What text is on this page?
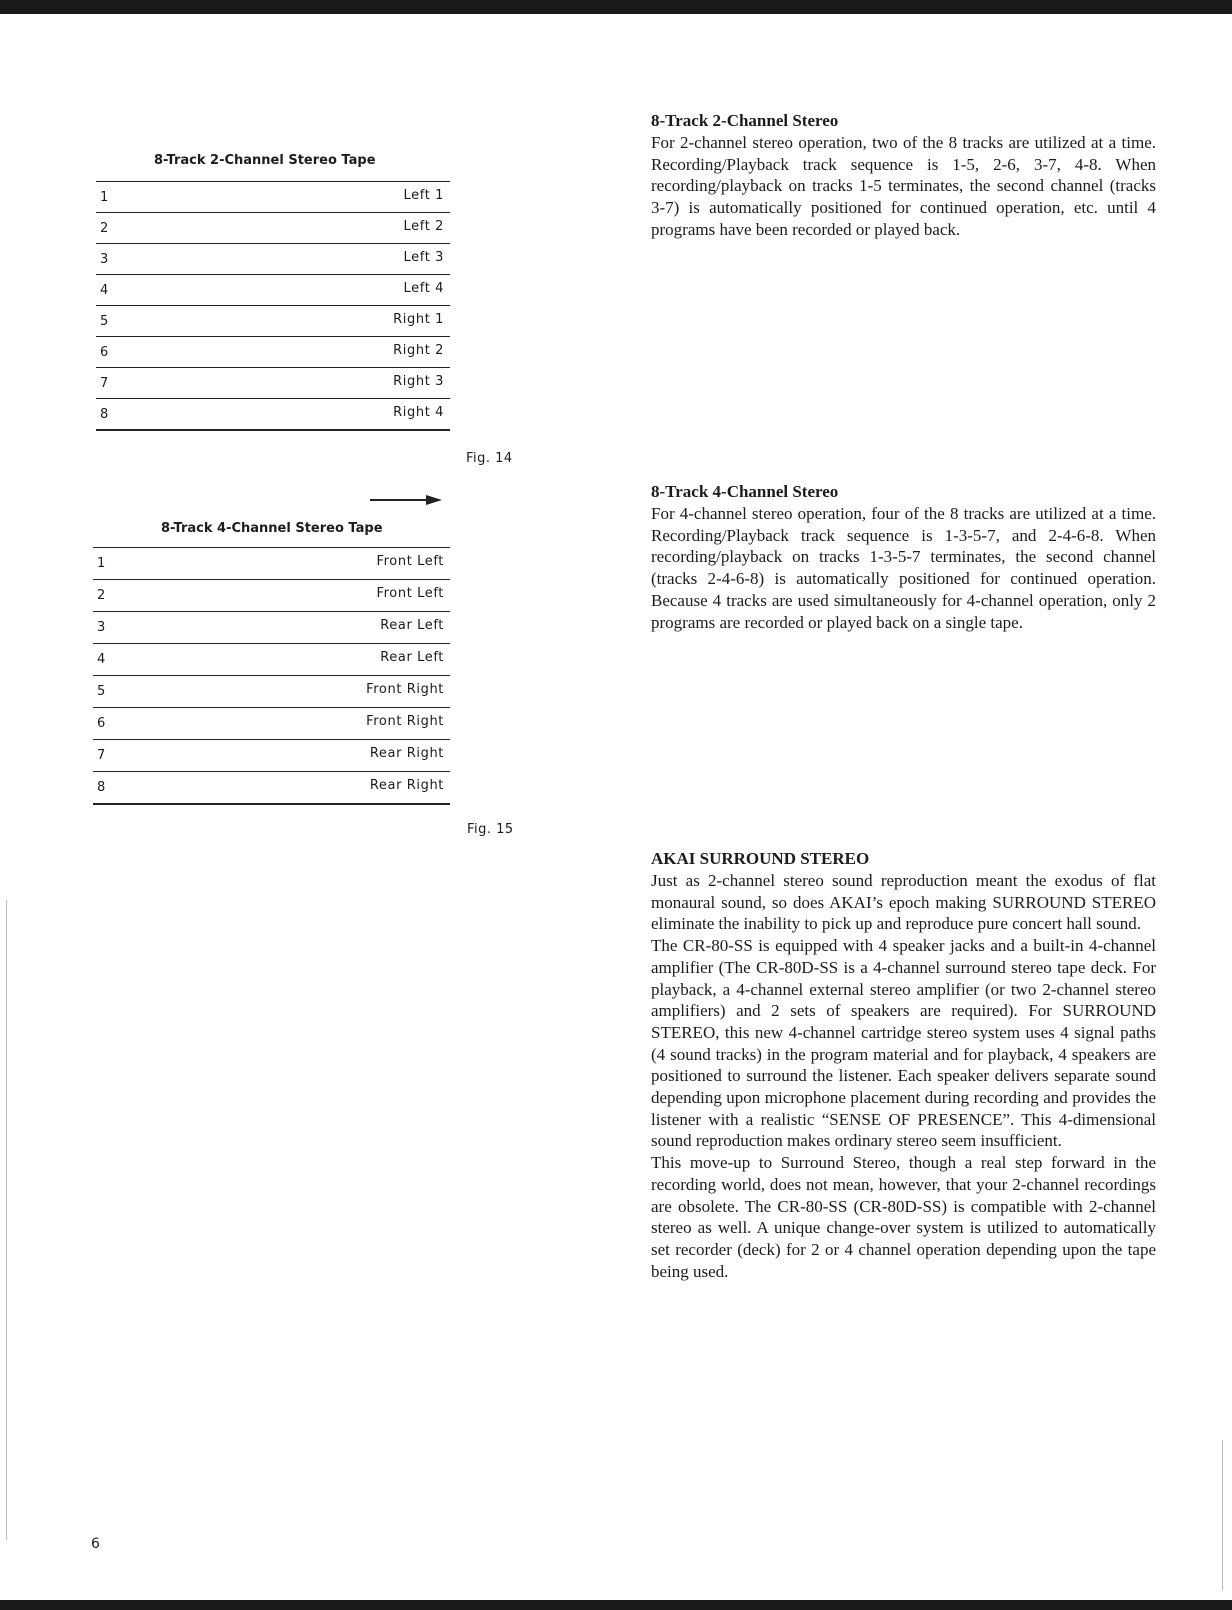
8-Track 2-Channel Stereo Tape
1	Left 1
2	Left 2
3	Left 3
4	Left 4
5	Right 1
6	Right 2
7	Right 3
8	Right 4
Fig. 14
8-Track 4-Channel Stereo Tape
1	Front Left
2	Front Left
3	Rear Left
4	Rear Left
5	Front Right
6	Front Right
7	Rear Right
8	Rear Right
Fig. 15
8-Track 2-Channel Stereo

For 2-channel stereo operation, two of the 8 tracks are utilized at a time. Recording/Playback track sequence is 1-5, 2-6, 3-7, 4-8. When recording/playback on tracks 1-5 terminates, the second channel (tracks 3-7) is automatically positioned for continued operation, etc. until 4 programs have been recorded or played back.

8-Track 4-Channel Stereo

For 4-channel stereo operation, four of the 8 tracks are utilized at a time. Recording/Playback track sequence is 1-3-5-7, and 2-4-6-8. When recording/playback on tracks 1-3-5-7 terminates, the second channel (tracks 2-4-6-8) is automatically positioned for continued operation. Because 4 tracks are used simultaneously for 4-channel operation, only 2 programs are recorded or played back on a single tape.

AKAI SURROUND STEREO

Just as 2-channel stereo sound reproduction meant the exodus of flat monaural sound, so does AKAI’s epoch making SURROUND STEREO eliminate the inability to pick up and reproduce pure concert hall sound.

The CR-80-SS is equipped with 4 speaker jacks and a built-in 4-channel amplifier (The CR-80D-SS is a 4-channel surround stereo tape deck. For playback, a 4-channel external stereo amplifier (or two 2-channel stereo amplifiers) and 2 sets of speakers are required). For SURROUND STEREO, this new 4-channel cartridge stereo system uses 4 signal paths (4 sound tracks) in the program material and for playback, 4 speakers are positioned to surround the listener. Each speaker delivers separate sound depending upon microphone placement during recording and provides the listener with a realistic “SENSE OF PRESENCE”. This 4-dimensional sound reproduction makes ordinary stereo seem insufficient.

This move-up to Surround Stereo, though a real step forward in the recording world, does not mean, however, that your 2-channel recordings are obsolete. The CR-80-SS (CR-80D-SS) is compatible with 2-channel stereo as well. A unique change-over system is utilized to automatically set recorder (deck) for 2 or 4 channel operation depending upon the tape being used.

6
